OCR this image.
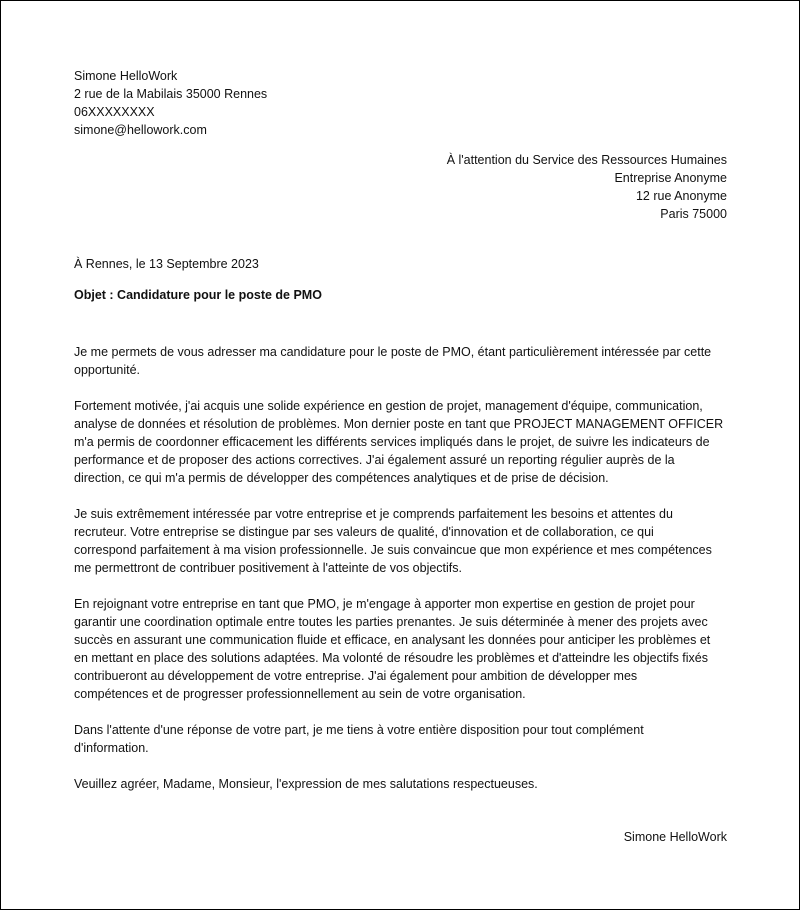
Simone HelloWork
2 rue de la Mabilais 35000 Rennes
06XXXXXXXX
simone@hellowork.com
À l'attention du Service des Ressources Humaines
Entreprise Anonyme
12 rue Anonyme
Paris 75000
À Rennes, le 13 Septembre 2023
Objet : Candidature pour le poste de PMO

Je me permets de vous adresser ma candidature pour le poste de PMO, étant particulièrement intéressée par cette
opportunité.

Fortement motivée, j'ai acquis une solide expérience en gestion de projet, management d'équipe, communication,
analyse de données et résolution de problèmes. Mon dernier poste en tant que PROJECT MANAGEMENT OFFICER
m'a permis de coordonner efficacement les différents services impliqués dans le projet, de suivre les indicateurs de
performance et de proposer des actions correctives. J'ai également assuré un reporting régulier auprès de la
direction, ce qui m'a permis de développer des compétences analytiques et de prise de décision.

Je suis extrêmement intéressée par votre entreprise et je comprends parfaitement les besoins et attentes du
recruteur. Votre entreprise se distingue par ses valeurs de qualité, d'innovation et de collaboration, ce qui
correspond parfaitement à ma vision professionnelle. Je suis convaincue que mon expérience et mes compétences
me permettront de contribuer positivement à l'atteinte de vos objectifs.

En rejoignant votre entreprise en tant que PMO, je m'engage à apporter mon expertise en gestion de projet pour
garantir une coordination optimale entre toutes les parties prenantes. Je suis déterminée à mener des projets avec
succès en assurant une communication fluide et efficace, en analysant les données pour anticiper les problèmes et
en mettant en place des solutions adaptées. Ma volonté de résoudre les problèmes et d'atteindre les objectifs fixés
contribueront au développement de votre entreprise. J'ai également pour ambition de développer mes
compétences et de progresser professionnellement au sein de votre organisation.

Dans l'attente d'une réponse de votre part, je me tiens à votre entière disposition pour tout complément
d'information.

Veuillez agréer, Madame, Monsieur, l'expression de mes salutations respectueuses.

Simone HelloWork
